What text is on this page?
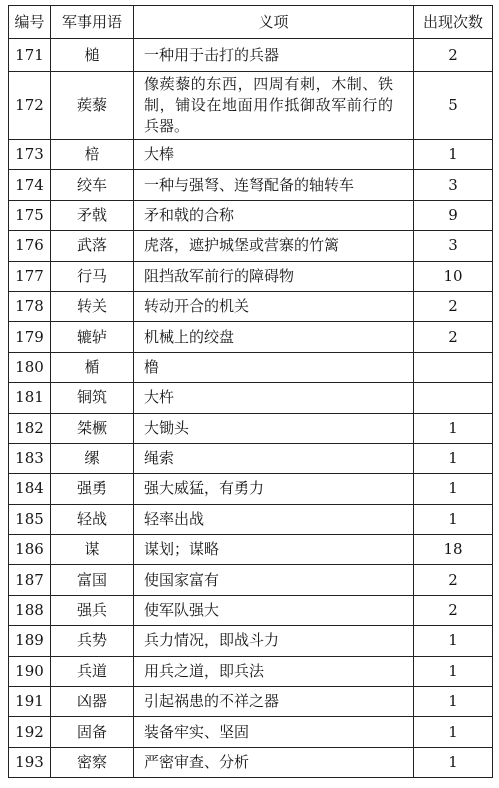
编号	军事用语	义项	出现次数
171	槌	一种用于击打的兵器	2
172	蒺藜	像蒺藜的东西，四周有刺，木制、铁制，铺设在地面用作抵御敌军前行的兵器。	5
173	棓	大棒	1
174	绞车	一种与强弩、连弩配备的轴转车	3
175	矛戟	矛和戟的合称	9
176	武落	虎落，遮护城堡或营寨的竹篱	3
177	行马	阻挡敌军前行的障碍物	10
178	转关	转动开合的机关	2
179	辘轳	机械上的绞盘	2
180	楯	橹	
181	铜筑	大杵	
182	桀橛	大锄头	1
183	缧	绳索	1
184	强勇	强大威猛，有勇力	1
185	轻战	轻率出战	1
186	谋	谋划；谋略	18
187	富国	使国家富有	2
188	强兵	使军队强大	2
189	兵势	兵力情况，即战斗力	1
190	兵道	用兵之道，即兵法	1
191	凶器	引起祸患的不祥之器	1
192	固备	装备牢实、坚固	1
193	密察	严密审查、分析	1
